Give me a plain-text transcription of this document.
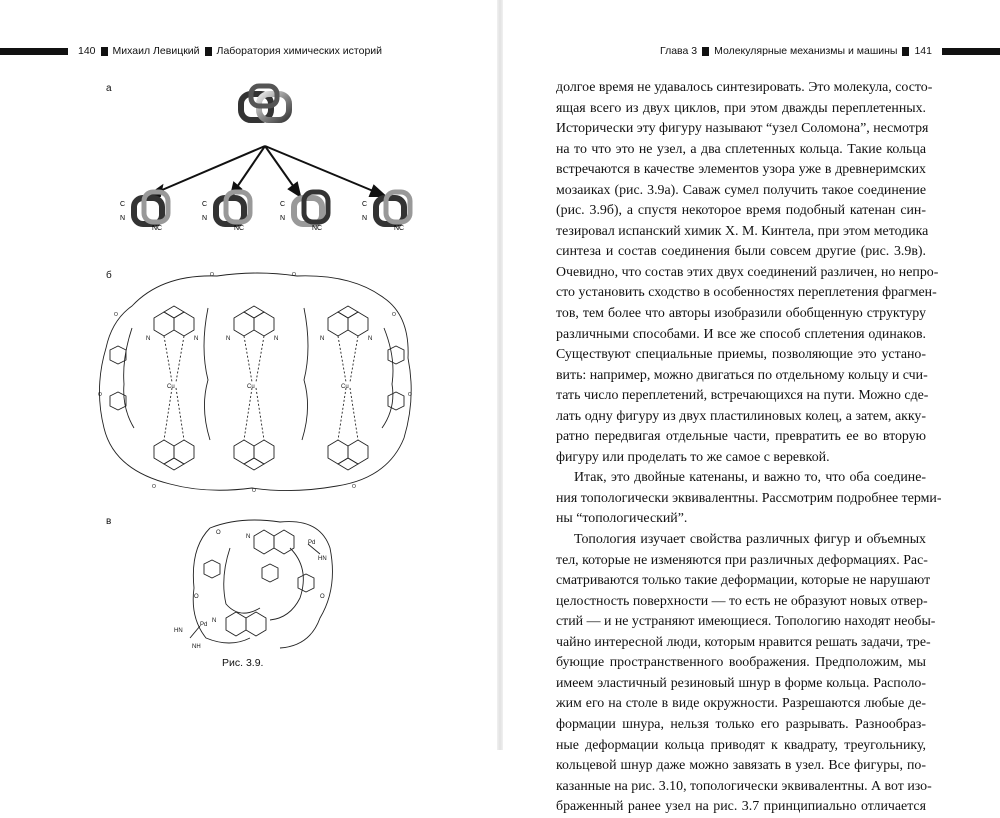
140 Михаил Левицкий Лаборатория химических историй	Глава 3 Молекулярные механизмы и машины 141
а
б
в
C
N
NC
C
N
NC
C
N
NC
C
N
NC
Cu
N	N
Cu
N	N
Cu
N	N
O
O	O
O
O	O
O
O
O
Pd
HN
Pd
HN
NH
N
N
O
O
O
Рис. 3.9.
долгое время не удавалось синтезировать. Это молекула, состо-
ящая всего из двух циклов, при этом дважды переплетенных.
Исторически эту фигуру называют “узел Соломона”, несмотря
на то что это не узел, а два сплетенных кольца. Такие кольца
встречаются в качестве элементов узора уже в древнеримских
мозаиках (рис. 3.9а). Саваж сумел получить такое соединение
(рис. 3.9б), а спустя некоторое время подобный катенан син-
тезировал испанский химик Х. М. Кинтела, при этом методика
синтеза и состав соединения были совсем другие (рис. 3.9в).
Очевидно, что состав этих двух соединений различен, но непро-
сто установить сходство в особенностях переплетения фрагмен-
тов, тем более что авторы изобразили обобщенную структуру
различными способами. И все же способ сплетения одинаков.
Существуют специальные приемы, позволяющие это устано-
вить: например, можно двигаться по отдельному кольцу и счи-
тать число переплетений, встречающихся на пути. Можно сде-
лать одну фигуру из двух пластилиновых колец, а затем, акку-
ратно передвигая отдельные части, превратить ее во вторую
фигуру или проделать то же самое с веревкой.
Итак, это двойные катенаны, и важно то, что оба соедине-
ния топологически эквивалентны. Рассмотрим подробнее терми-
ны “топологический”.
Топология изучает свойства различных фигур и объемных
тел, которые не изменяются при различных деформациях. Рас-
сматриваются только такие деформации, которые не нарушают
целостность поверхности — то есть не образуют новых отвер-
стий — и не устраняют имеющиеся. Топологию находят необы-
чайно интересной люди, которым нравится решать задачи, тре-
бующие пространственного воображения. Предположим, мы
имеем эластичный резиновый шнур в форме кольца. Располо-
жим его на столе в виде окружности. Разрешаются любые де-
формации шнура, нельзя только его разрывать. Разнообраз-
ные деформации кольца приводят к квадрату, треугольнику,
кольцевой шнур даже можно завязать в узел. Все фигуры, по-
казанные на рис. 3.10, топологически эквивалентны. А вот изо-
браженный ранее узел на рис. 3.7 принципиально отличается
